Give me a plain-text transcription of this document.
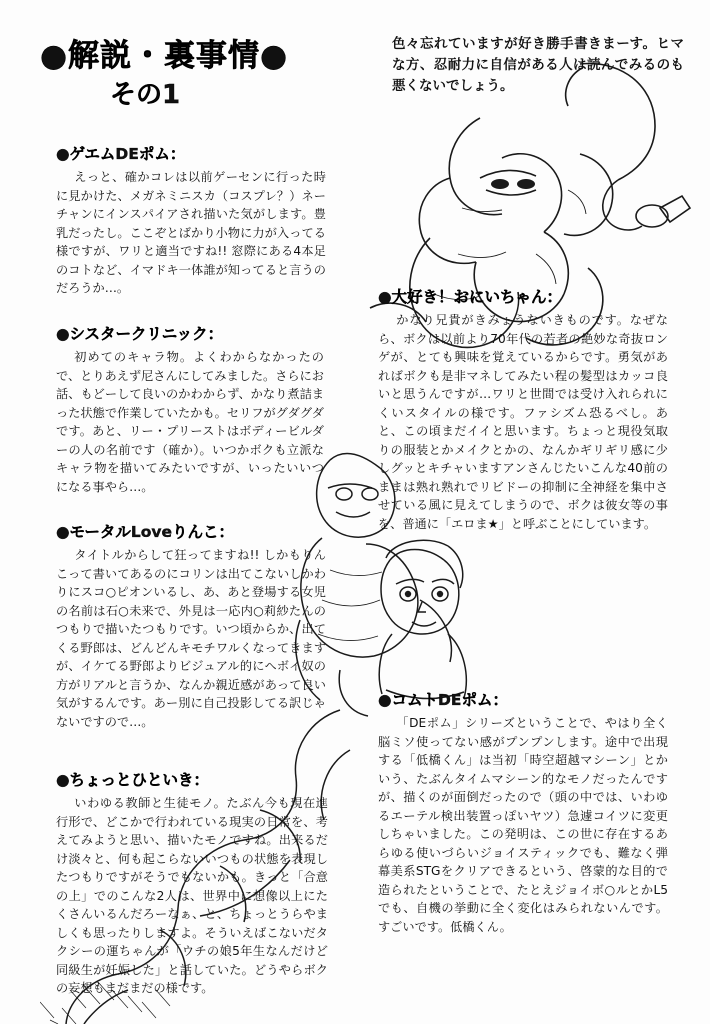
●解説・裏事情●
その1
色々忘れていますが好き勝手書きまーす。ヒマな方、忍耐力に自信がある人は読んでみるのも悪くないでしょう。
●ゲエムDEポム：
えっと、確かコレは以前ゲーセンに行った時に見かけた、メガネミニスカ（コスプレ？）ネーチャンにインスパイアされ描いた気がします。豊乳だったし。ここぞとばかり小物に力が入ってる様ですが、ワリと適当ですね!! 窓際にある4本足のコトなど、イマドキ一体誰が知ってると言うのだろうか…。
●シスタークリニック：
初めてのキャラ物。よくわからなかったので、とりあえず尼さんにしてみました。さらにお話、もどーして良いのかわからず、かなり煮詰まった状態で作業していたかも。セリフがグダグダです。あと、リー・プリーストはボディービルダーの人の名前です（確か）。いつかボクも立派なキャラ物を描いてみたいですが、いったいいつになる事やら…。
●モータルLoveりんこ：
タイトルからして狂ってますね!! しかもりんこって書いてあるのにコリンは出てこないしかわりにスコ○ピオンいるし、あ、あと登場する女児の名前は石○未来で、外見は一応内○莉紗たんのつもりで描いたつもりです。いつ頃からか、出てくる野郎は、どんどんキモチワルくなってきますが、イケてる野郎よりビジュアル的にヘボイ奴の方がリアルと言うか、なんか親近感があって良い気がするんです。あー別に自己投影してる訳じゃないですので…。
●ちょっとひといき：
いわゆる教師と生徒モノ。たぶん今も現在進行形で、どこかで行われている現実の日常を、考えてみようと思い、描いたモノですね。出来るだけ淡々と、何も起こらないいつもの状態を表現したつもりですがそうでもないかも。きっと「合意の上」でのこんな2人は、世界中に想像以上にたくさんいるんだろーなぁ、と、ちょっとうらやましくも思ったりしますよ。そういえばこないだタクシーの運ちゃんが「ウチの娘5年生なんだけど同級生が妊娠した」と話していた。どうやらボクの妄想もまだまだの様です。
●大好き！おにいちゃん：
かなり兄貴がきみょうないきものです。なぜなら、ボクは以前より70年代の若者の絶妙な奇抜ロンゲが、とても興味を覚えているからです。勇気があればボクも是非マネしてみたい程の髪型はカッコ良いと思うんですが…ワリと世間では受け入れられにくいスタイルの様です。ファシズム恐るべし。あと、この頃まだイイと思います。ちょっと現役気取りの服装とかメイクとかの、なんかギリギリ感に少しグッとキチャいますアンさんじたいこんな40前のままは熟れ熟れでリビドーの抑制に全神経を集中させている風に見えてしまうので、ボクは彼女等の事を、普通に「エロま★」と呼ぶことにしています。
●コムトDEポム：
「DEポム」シリーズということで、やはり全く脳ミソ使ってない感がプンプンします。途中で出現する「低橋くん」は当初「時空超越マシーン」とかいう、たぶんタイムマシーン的なモノだったんですが、描くのが面倒だったので（頭の中では、いわゆるエーテル検出装置っぽいヤツ）急遽コイツに変更しちゃいました。この発明は、この世に存在するあらゆる使いづらいジョイスティックでも、難なく弾幕美系STGをクリアできるという、啓蒙的な目的で造られたということで、たとえジョイボ○ルとかL5でも、自機の挙動に全く変化はみられないんです。すごいです。低橋くん。
